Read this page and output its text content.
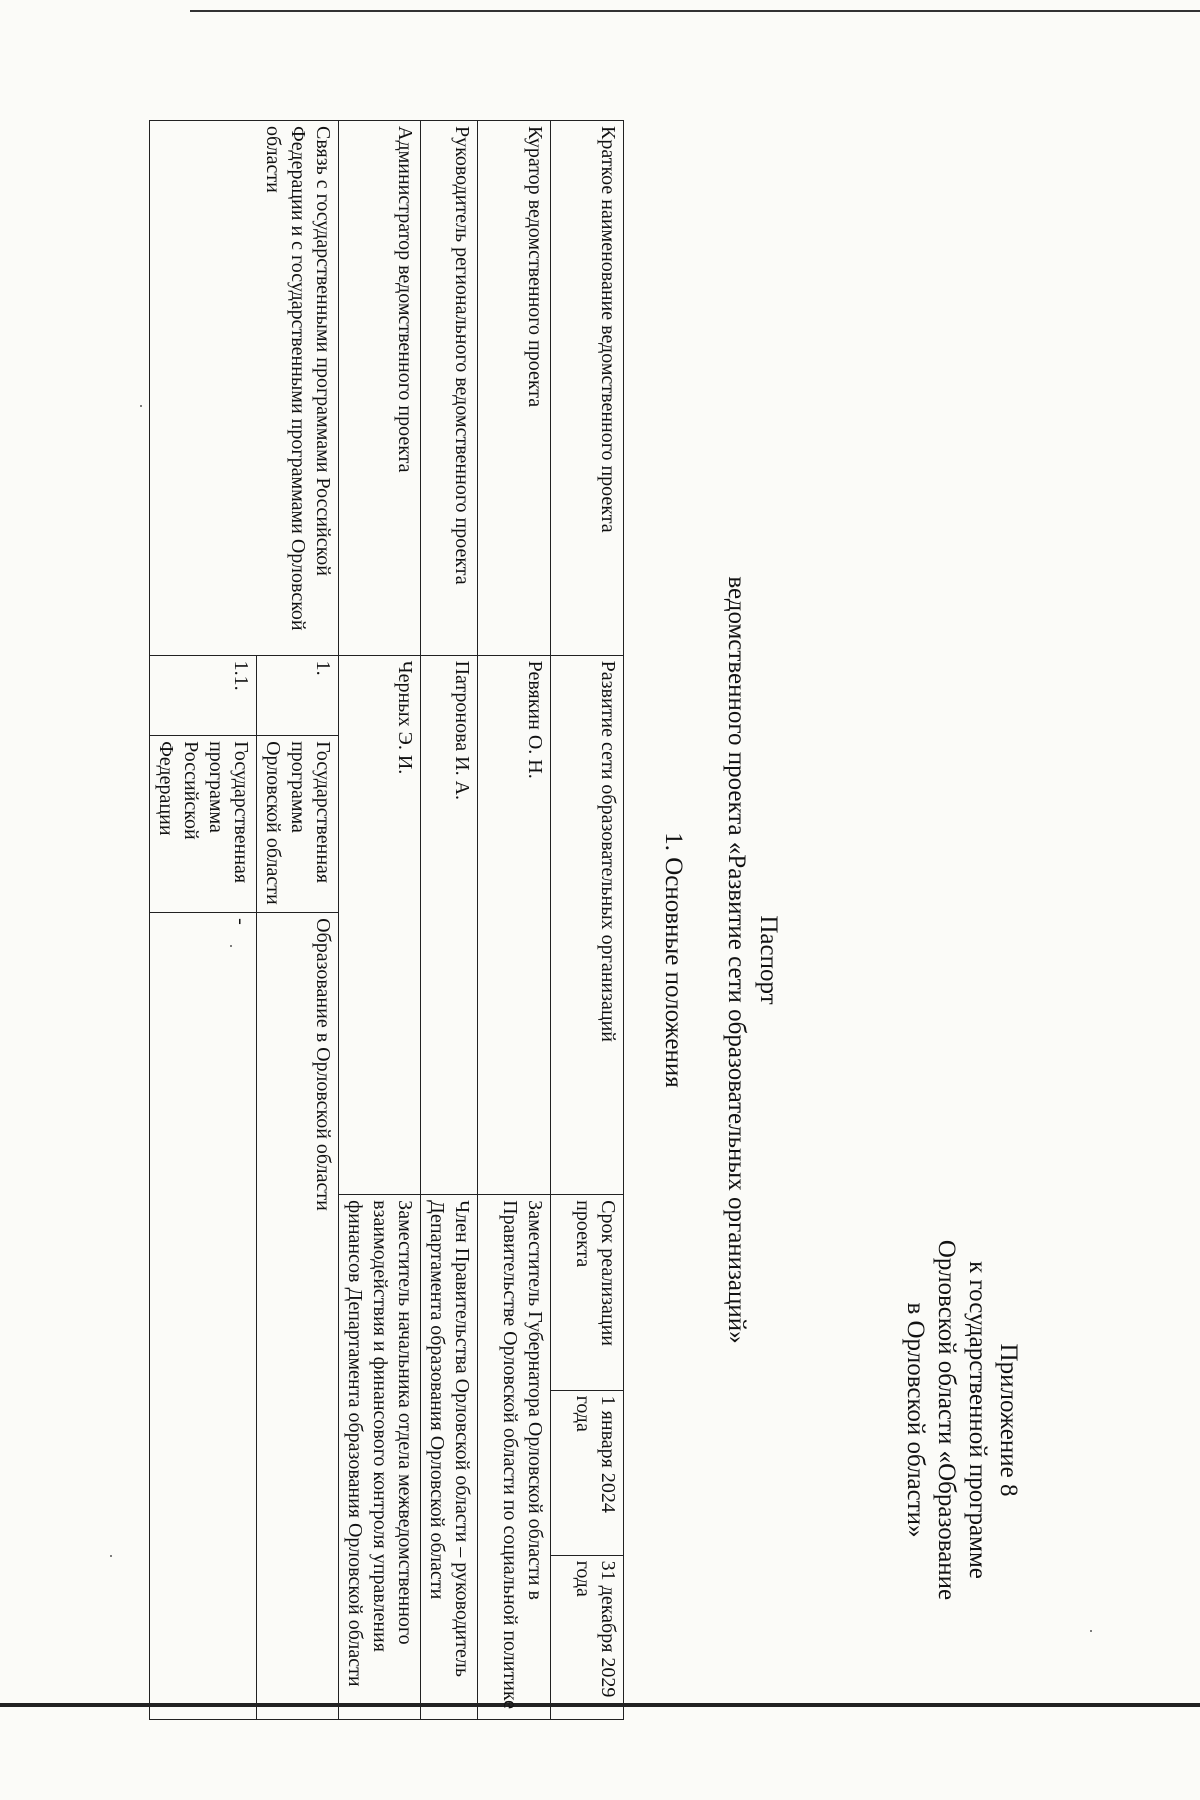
Приложение 8
к государственной программе
Орловской области «Образование
в Орловской области»
Паспорт
ведомственного проекта «Развитие сети образовательных организаций»
1. Основные положения
Краткое наименование ведомственного проекта	Развитие сети образовательных организаций	
Срок реализации проекта	1 января 2024 года	31 декабря 2029 года

Куратор ведомственного проекта	Ревякин О. Н.	Заместитель Губернатора Орловской области в Правительстве Орловской области по социальной политике
Руководитель регионального ведомственного проекта	Патронова И. А.	Член Правительства Орловской области – руководитель Департамента образования Орловской области
Администратор ведомственного проекта	Черных Э. И.	Заместитель начальника отдела межведомственного взаимодействия и финансового контроля управления финансов Департамента образования Орловской области
Связь с государственными программами Российской Федерации и с государственными программами Орловской области	
1.	Государственная программа Орловской области	Образование в Орловской области
1.1.	Государственная программа Российской Федерации	-
